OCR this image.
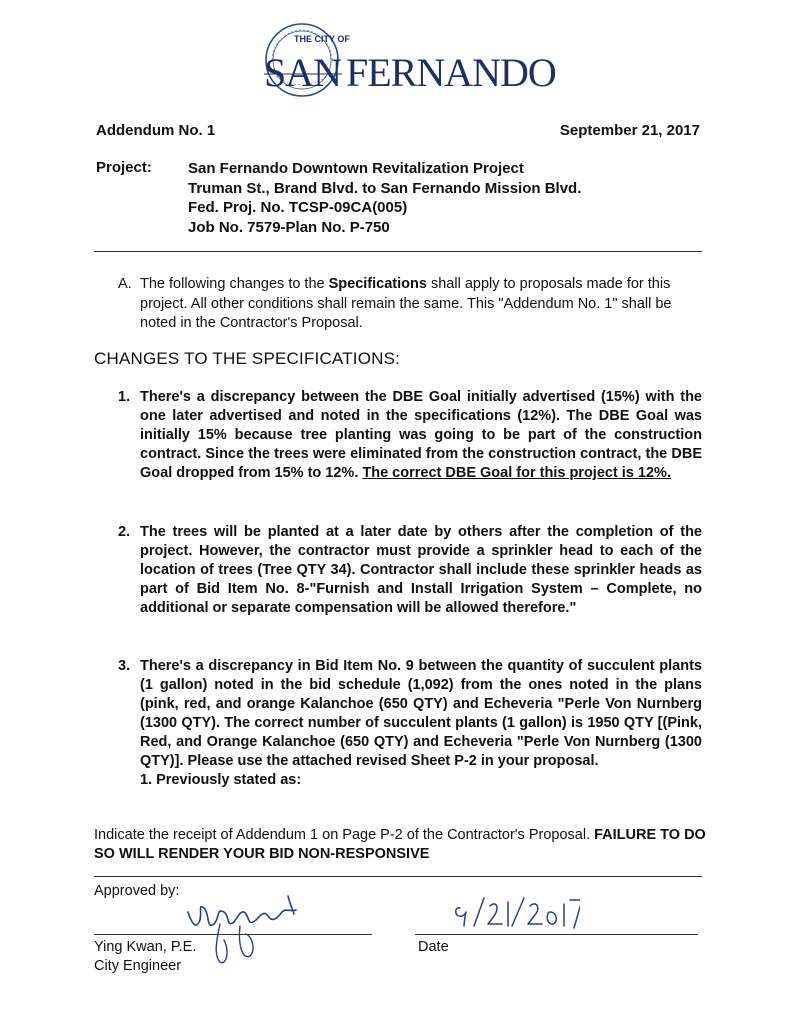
THE CITY OF
SAN FERNANDO
Addendum No. 1	September 21, 2017
Project: San Fernando Downtown Revitalization Project
Truman St., Brand Blvd. to San Fernando Mission Blvd.
Fed. Proj. No. TCSP-09CA(005)
Job No. 7579-Plan No. P-750
A. The following changes to the Specifications shall apply to proposals made for this project. All other conditions shall remain the same. This "Addendum No. 1" shall be noted in the Contractor's Proposal.
CHANGES TO THE SPECIFICATIONS:
1. There's a discrepancy between the DBE Goal initially advertised (15%) with the one later advertised and noted in the specifications (12%). The DBE Goal was initially 15% because tree planting was going to be part of the construction contract. Since the trees were eliminated from the construction contract, the DBE Goal dropped from 15% to 12%. The correct DBE Goal for this project is 12%.
2. The trees will be planted at a later date by others after the completion of the project. However, the contractor must provide a sprinkler head to each of the location of trees (Tree QTY 34). Contractor shall include these sprinkler heads as part of Bid Item No. 8-"Furnish and Install Irrigation System – Complete, no additional or separate compensation will be allowed therefore."
3. There's a discrepancy in Bid Item No. 9 between the quantity of succulent plants (1 gallon) noted in the bid schedule (1,092) from the ones noted in the plans (pink, red, and orange Kalanchoe (650 QTY) and Echeveria "Perle Von Nurnberg (1300 QTY). The correct number of succulent plants (1 gallon) is 1950 QTY [(Pink, Red, and Orange Kalanchoe (650 QTY) and Echeveria "Perle Von Nurnberg (1300 QTY)]. Please use the attached revised Sheet P-2 in your proposal.
1. Previously stated as:
Indicate the receipt of Addendum 1 on Page P-2 of the Contractor's Proposal. FAILURE TO DO SO WILL RENDER YOUR BID NON-RESPONSIVE
Approved by:
Ying Kwan, P.E.
City Engineer
Date
